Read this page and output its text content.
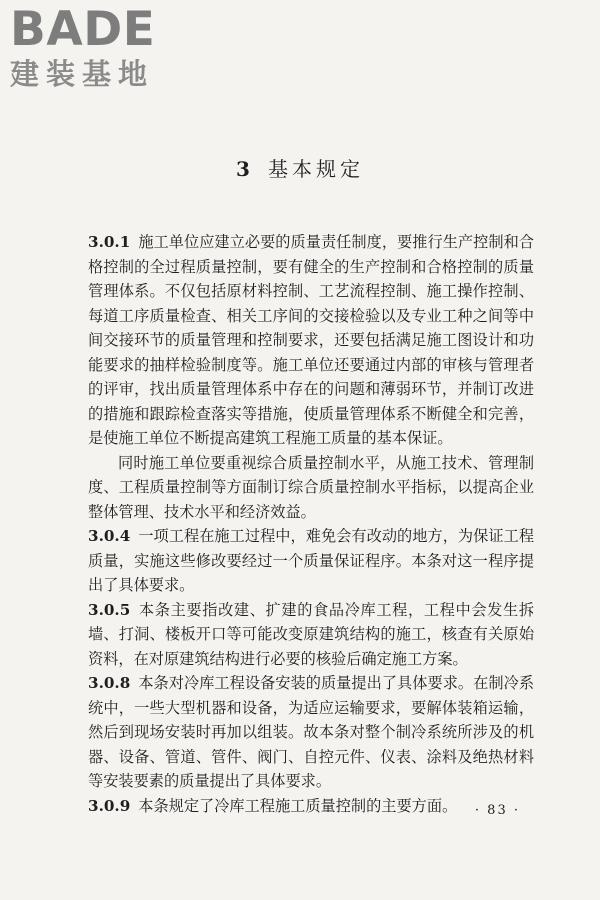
BADE
建装基地
3 基本规定

3.0.1 施工单位应建立必要的质量责任制度，要推行生产控制和合格控制的全过程质量控制，要有健全的生产控制和合格控制的质量管理体系。不仅包括原材料控制、工艺流程控制、施工操作控制、每道工序质量检查、相关工序间的交接检验以及专业工种之间等中间交接环节的质量管理和控制要求，还要包括满足施工图设计和功能要求的抽样检验制度等。施工单位还要通过内部的审核与管理者的评审，找出质量管理体系中存在的问题和薄弱环节，并制订改进的措施和跟踪检查落实等措施，使质量管理体系不断健全和完善，是使施工单位不断提高建筑工程施工质量的基本保证。

同时施工单位要重视综合质量控制水平，从施工技术、管理制度、工程质量控制等方面制订综合质量控制水平指标，以提高企业整体管理、技术水平和经济效益。

3.0.4 一项工程在施工过程中，难免会有改动的地方，为保证工程质量，实施这些修改要经过一个质量保证程序。本条对这一程序提出了具体要求。

3.0.5 本条主要指改建、扩建的食品冷库工程，工程中会发生拆墙、打洞、楼板开口等可能改变原建筑结构的施工，核查有关原始资料，在对原建筑结构进行必要的核验后确定施工方案。

3.0.8 本条对冷库工程设备安装的质量提出了具体要求。在制冷系统中，一些大型机器和设备，为适应运输要求，要解体装箱运输，然后到现场安装时再加以组装。故本条对整个制冷系统所涉及的机器、设备、管道、管件、阀门、自控元件、仪表、涂料及绝热材料等安装要素的质量提出了具体要求。

3.0.9 本条规定了冷库工程施工质量控制的主要方面。	· 83 ·
